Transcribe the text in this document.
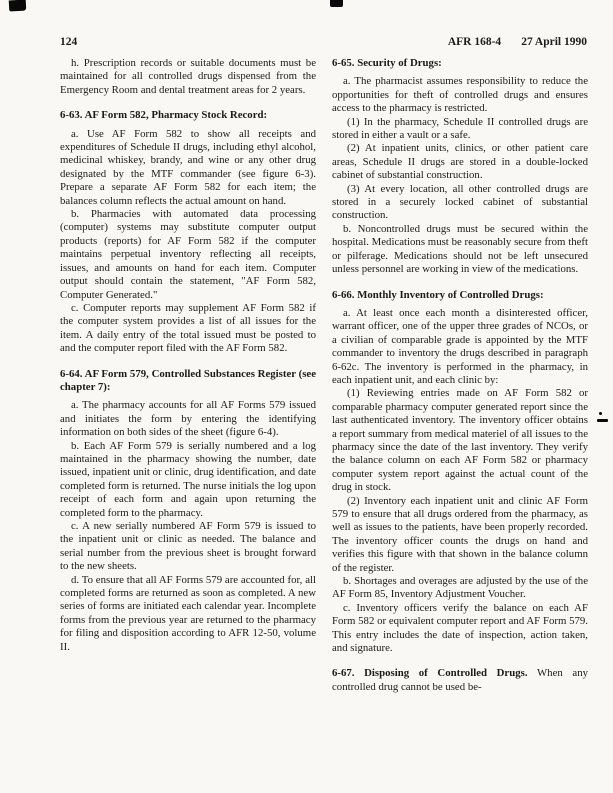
124	AFR 168-4 27 April 1990

h. Prescription records or suitable documents must be maintained for all controlled drugs dispensed from the Emergency Room and dental treatment areas for 2 years.

6-63. AF Form 582, Pharmacy Stock Record:

a. Use AF Form 582 to show all receipts and expenditures of Schedule II drugs, including ethyl alcohol, medicinal whiskey, brandy, and wine or any other drug designated by the MTF commander (see figure 6-3). Prepare a separate AF Form 582 for each item; the balances column reflects the actual amount on hand.

b. Pharmacies with automated data processing (computer) systems may substitute computer output products (reports) for AF Form 582 if the computer maintains perpetual inventory reflecting all receipts, issues, and amounts on hand for each item. Computer output should contain the statement, "AF Form 582, Computer Generated."

c. Computer reports may supplement AF Form 582 if the computer system provides a list of all issues for the item. A daily entry of the total issued must be posted to and the computer report filed with the AF Form 582.

6-64. AF Form 579, Controlled Substances Register (see chapter 7):

a. The pharmacy accounts for all AF Forms 579 issued and initiates the form by entering the identifying information on both sides of the sheet (figure 6-4).

b. Each AF Form 579 is serially numbered and a log maintained in the pharmacy showing the number, date issued, inpatient unit or clinic, drug identification, and date completed form is returned. The nurse initials the log upon receipt of each form and again upon returning the completed form to the pharmacy.

c. A new serially numbered AF Form 579 is issued to the inpatient unit or clinic as needed. The balance and serial number from the previous sheet is brought forward to the new sheets.

d. To ensure that all AF Forms 579 are accounted for, all completed forms are returned as soon as completed. A new series of forms are initiated each calendar year. Incomplete forms from the previous year are returned to the pharmacy for filing and disposition according to AFR 12-50, volume II.

6-65. Security of Drugs:

a. The pharmacist assumes responsibility to reduce the opportunities for theft of controlled drugs and ensures access to the pharmacy is restricted.

(1) In the pharmacy, Schedule II controlled drugs are stored in either a vault or a safe.

(2) At inpatient units, clinics, or other patient care areas, Schedule II drugs are stored in a double-locked cabinet of substantial construction.

(3) At every location, all other controlled drugs are stored in a securely locked cabinet of substantial construction.

b. Noncontrolled drugs must be secured within the hospital. Medications must be reasonably secure from theft or pilferage. Medications should not be left unsecured unless personnel are working in view of the medications.

6-66. Monthly Inventory of Controlled Drugs:

a. At least once each month a disinterested officer, warrant officer, one of the upper three grades of NCOs, or a civilian of comparable grade is appointed by the MTF commander to inventory the drugs described in paragraph 6-62c. The inventory is performed in the pharmacy, in each inpatient unit, and each clinic by:

(1) Reviewing entries made on AF Form 582 or comparable pharmacy computer generated report since the last authenticated inventory. The inventory officer obtains a report summary from medical materiel of all issues to the pharmacy since the date of the last inventory. They verify the balance column on each AF Form 582 or pharmacy computer system report against the actual count of the drug in stock.

(2) Inventory each inpatient unit and clinic AF Form 579 to ensure that all drugs ordered from the pharmacy, as well as issues to the patients, have been properly recorded. The inventory officer counts the drugs on hand and verifies this figure with that shown in the balance column of the register.

b. Shortages and overages are adjusted by the use of the AF Form 85, Inventory Adjustment Voucher.

c. Inventory officers verify the balance on each AF Form 582 or equivalent computer report and AF Form 579. This entry includes the date of inspection, action taken, and signature.

6-67. Disposing of Controlled Drugs. When any controlled drug cannot be used be-
